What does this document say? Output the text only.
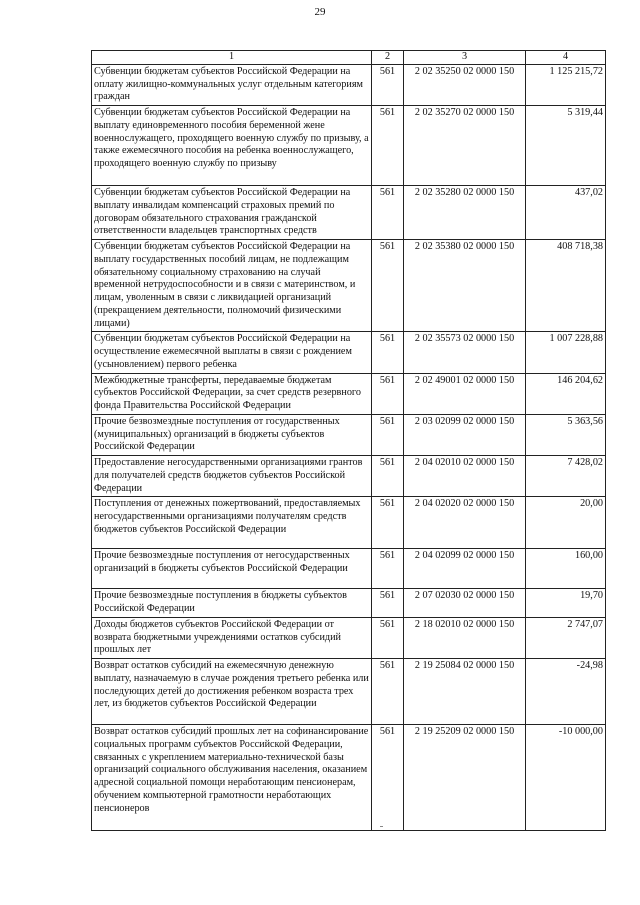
29
1	2	3	4
Субвенции бюджетам субъектов Российской Федерации на оплату жилищно-коммунальных услуг отдельным категориям граждан	561	2 02 35250 02 0000 150	1 125 215,72
Субвенции бюджетам субъектов Российской Федерации на выплату единовременного пособия беременной жене военнослужащего, проходящего военную службу по призыву, а также ежемесячного пособия на ребенка военнослужащего, проходящего военную службу по призыву	561	2 02 35270 02 0000 150	5 319,44
Субвенции бюджетам субъектов Российской Федерации на выплату инвалидам компенсаций страховых премий по договорам обязательного страхования гражданской ответственности владельцев транспортных средств	561	2 02 35280 02 0000 150	437,02
Субвенции бюджетам субъектов Российской Федерации на выплату государственных пособий лицам, не подлежащим обязательному социальному страхованию на случай временной нетрудоспособности и в связи с материнством, и лицам, уволенным в связи с ликвидацией организаций (прекращением деятельности, полномочий физическими лицами)	561	2 02 35380 02 0000 150	408 718,38
Субвенции бюджетам субъектов Российской Федерации на осуществление ежемесячной выплаты в связи с рождением (усыновлением) первого ребенка	561	2 02 35573 02 0000 150	1 007 228,88
Межбюджетные трансферты, передаваемые бюджетам субъектов Российской Федерации, за счет средств резервного фонда Правительства Российской Федерации	561	2 02 49001 02 0000 150	146 204,62
Прочие безвозмездные поступления от государственных (муниципальных) организаций в бюджеты субъектов Российской Федерации	561	2 03 02099 02 0000 150	5 363,56
Предоставление негосударственными организациями грантов для получателей средств бюджетов субъектов Российской Федерации	561	2 04 02010 02 0000 150	7 428,02
Поступления от денежных пожертвований, предоставляемых негосударственными организациями получателям средств бюджетов субъектов Российской Федерации	561	2 04 02020 02 0000 150	20,00
Прочие безвозмездные поступления от негосударственных организаций в бюджеты субъектов Российской Федерации	561	2 04 02099 02 0000 150	160,00
Прочие безвозмездные поступления в бюджеты субъектов Российской Федерации	561	2 07 02030 02 0000 150	19,70
Доходы бюджетов субъектов Российской Федерации от возврата бюджетными учреждениями остатков субсидий прошлых лет	561	2 18 02010 02 0000 150	2 747,07
Возврат остатков субсидий на ежемесячную денежную выплату, назначаемую в случае рождения третьего ребенка или последующих детей до достижения ребенком возраста трех лет, из бюджетов субъектов Российской Федерации	561	2 19 25084 02 0000 150	-24,98
Возврат остатков субсидий прошлых лет на софинансирование социальных программ субъектов Российской Федерации, связанных с укреплением материально-технической базы организаций социального обслуживания населения, оказанием адресной социальной помощи неработающим пенсионерам, обучением компьютерной грамотности неработающих пенсионеров	561	2 19 25209 02 0000 150	-10 000,00
